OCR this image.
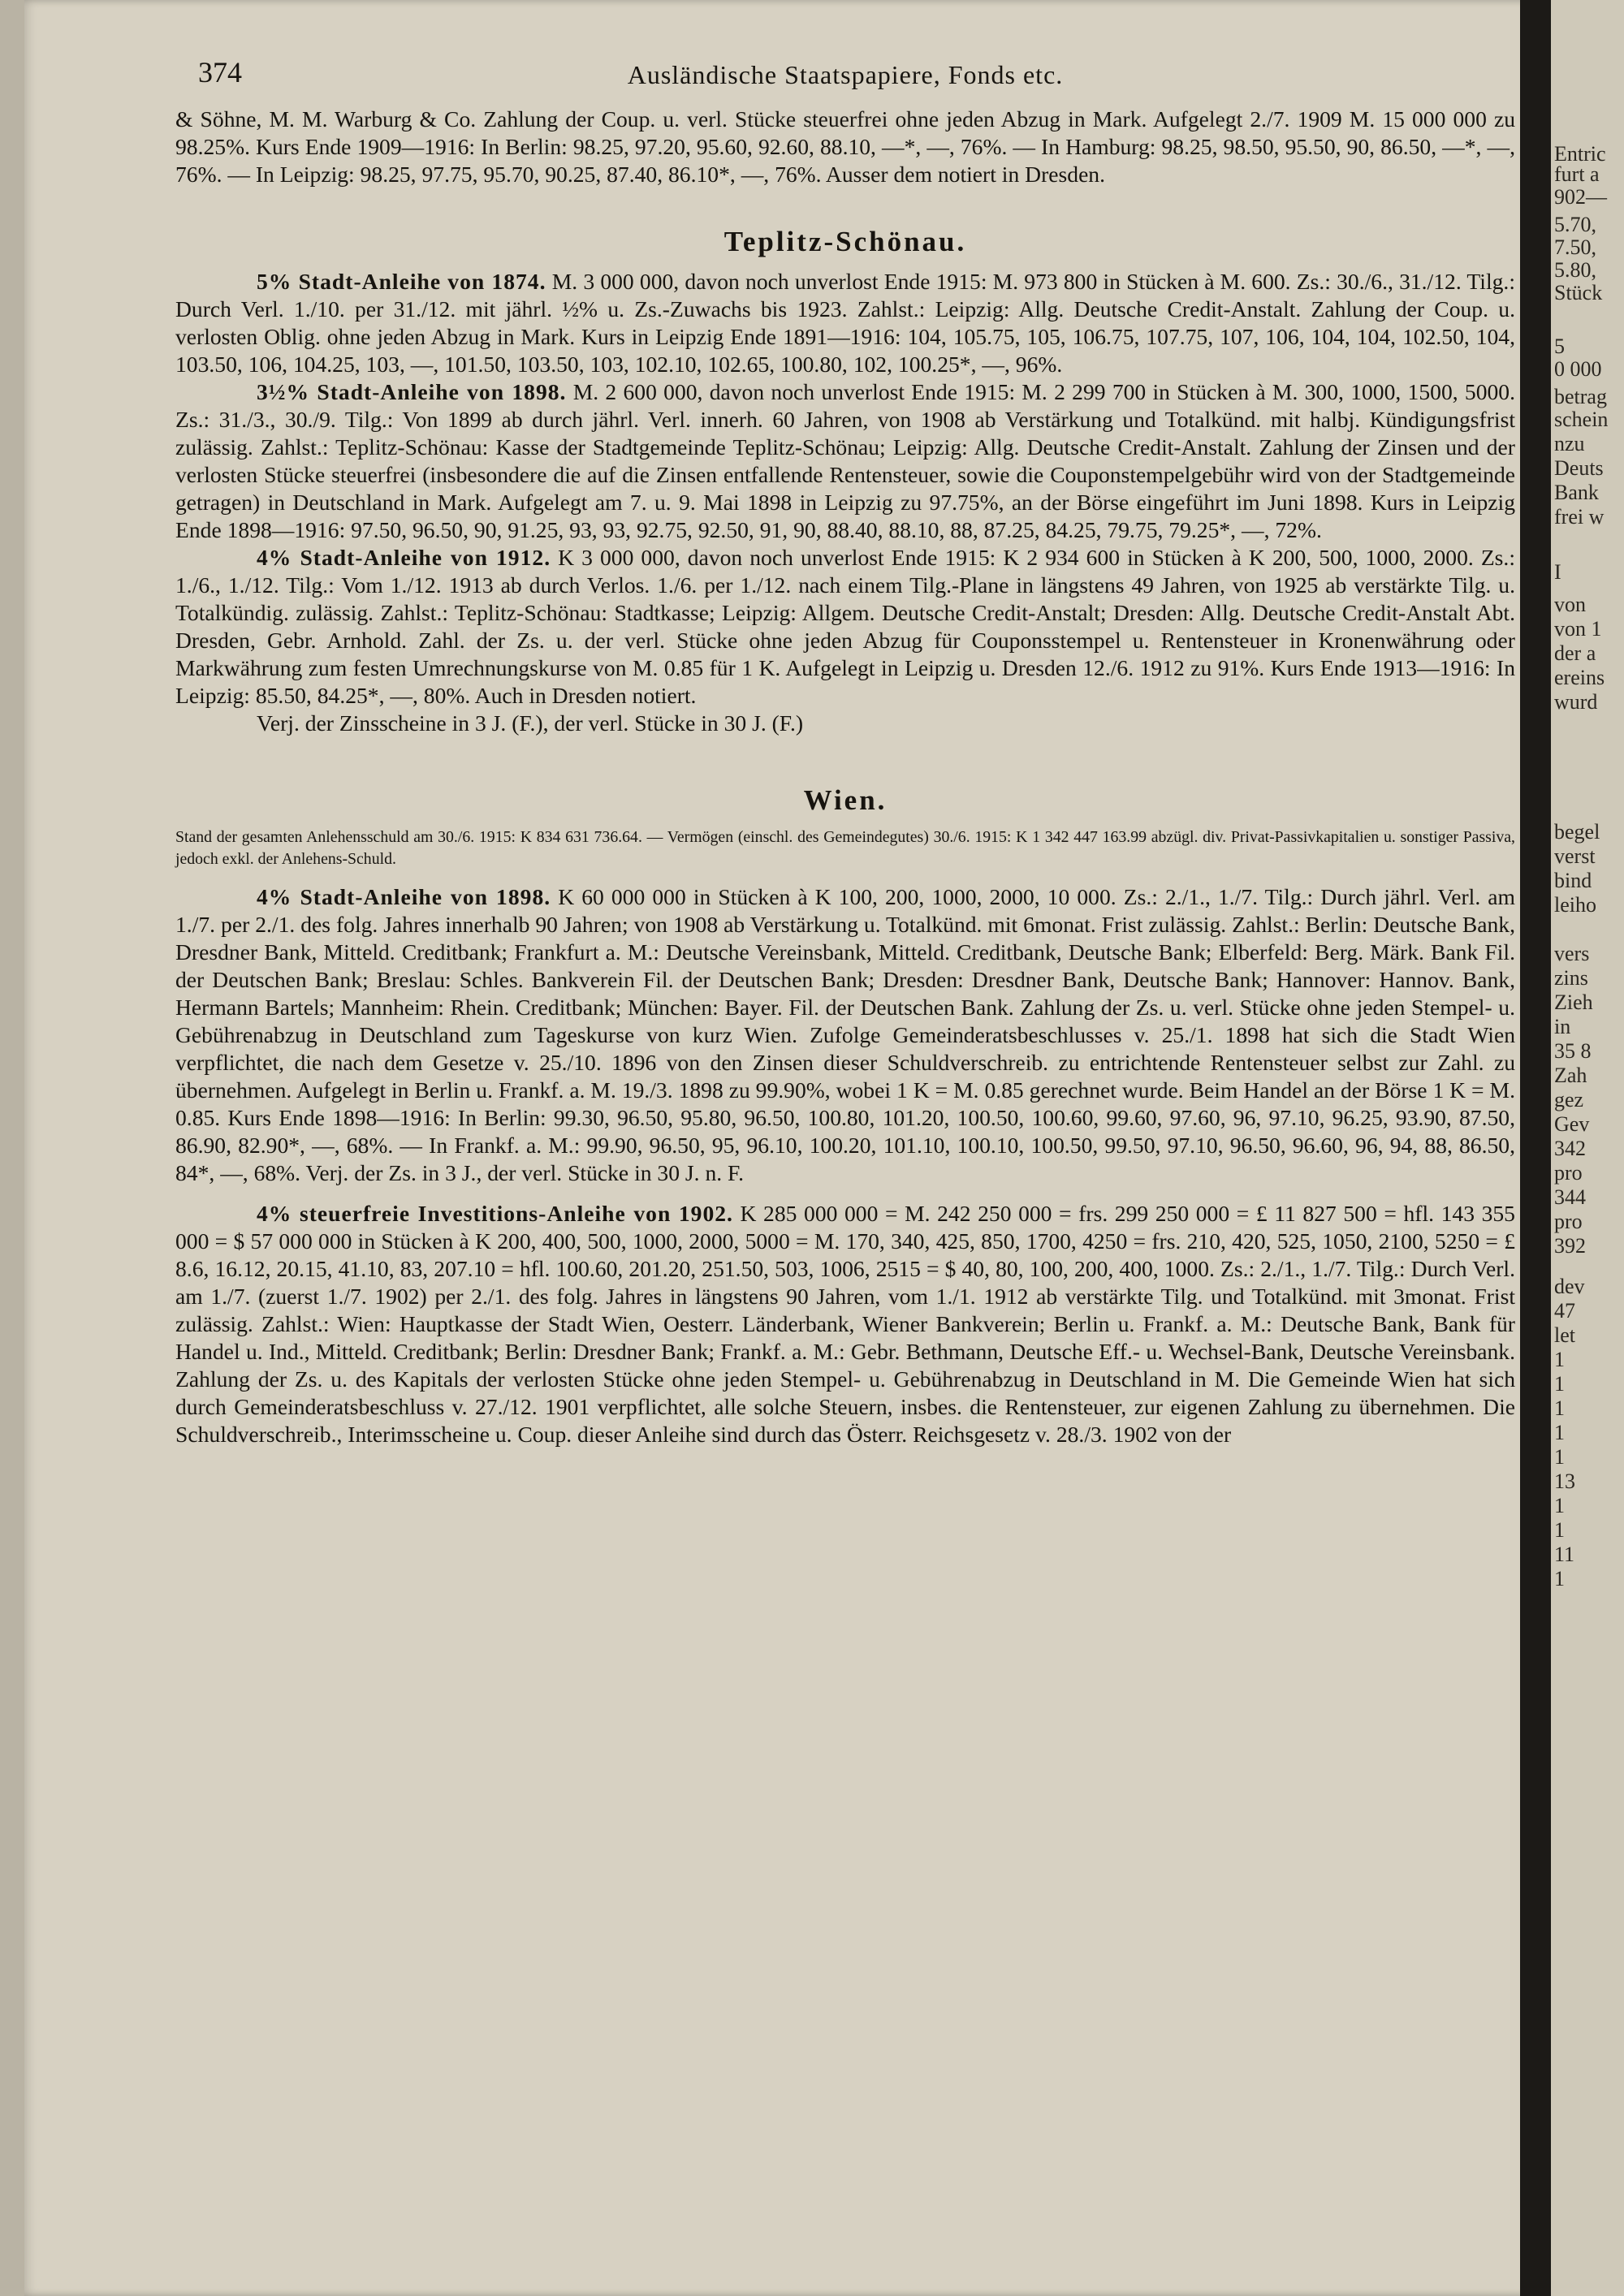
374	Ausländische Staatspapiere, Fonds etc.

& Söhne, M. M. Warburg & Co. Zahlung der Coup. u. verl. Stücke steuerfrei ohne jeden Abzug in Mark. Aufgelegt 2./7. 1909 M. 15 000 000 zu 98.25%. Kurs Ende 1909—1916: In Berlin: 98.25, 97.20, 95.60, 92.60, 88.10, —*, —, 76%. — In Hamburg: 98.25, 98.50, 95.50, 90, 86.50, —*, —, 76%. — In Leipzig: 98.25, 97.75, 95.70, 90.25, 87.40, 86.10*, —, 76%. Ausser dem notiert in Dresden.

Teplitz-Schönau.

5% Stadt-Anleihe von 1874. M. 3 000 000, davon noch unverlost Ende 1915: M. 973 800 in Stücken à M. 600. Zs.: 30./6., 31./12. Tilg.: Durch Verl. 1./10. per 31./12. mit jährl. ½% u. Zs.-Zuwachs bis 1923. Zahlst.: Leipzig: Allg. Deutsche Credit-Anstalt. Zahlung der Coup. u. verlosten Oblig. ohne jeden Abzug in Mark. Kurs in Leipzig Ende 1891—1916: 104, 105.75, 105, 106.75, 107.75, 107, 106, 104, 104, 102.50, 104, 103.50, 106, 104.25, 103, —, 101.50, 103.50, 103, 102.10, 102.65, 100.80, 102, 100.25*, —, 96%.

3½% Stadt-Anleihe von 1898. M. 2 600 000, davon noch unverlost Ende 1915: M. 2 299 700 in Stücken à M. 300, 1000, 1500, 5000. Zs.: 31./3., 30./9. Tilg.: Von 1899 ab durch jährl. Verl. innerh. 60 Jahren, von 1908 ab Verstärkung und Totalkünd. mit halbj. Kündigungsfrist zulässig. Zahlst.: Teplitz-Schönau: Kasse der Stadtgemeinde Teplitz-Schönau; Leipzig: Allg. Deutsche Credit-Anstalt. Zahlung der Zinsen und der verlosten Stücke steuerfrei (insbesondere die auf die Zinsen entfallende Rentensteuer, sowie die Couponstempelgebühr wird von der Stadtgemeinde getragen) in Deutschland in Mark. Aufgelegt am 7. u. 9. Mai 1898 in Leipzig zu 97.75%, an der Börse eingeführt im Juni 1898. Kurs in Leipzig Ende 1898—1916: 97.50, 96.50, 90, 91.25, 93, 93, 92.75, 92.50, 91, 90, 88.40, 88.10, 88, 87.25, 84.25, 79.75, 79.25*, —, 72%.

4% Stadt-Anleihe von 1912. K 3 000 000, davon noch unverlost Ende 1915: K 2 934 600 in Stücken à K 200, 500, 1000, 2000. Zs.: 1./6., 1./12. Tilg.: Vom 1./12. 1913 ab durch Verlos. 1./6. per 1./12. nach einem Tilg.-Plane in längstens 49 Jahren, von 1925 ab verstärkte Tilg. u. Totalkündig. zulässig. Zahlst.: Teplitz-Schönau: Stadtkasse; Leipzig: Allgem. Deutsche Credit-Anstalt; Dresden: Allg. Deutsche Credit-Anstalt Abt. Dresden, Gebr. Arnhold. Zahl. der Zs. u. der verl. Stücke ohne jeden Abzug für Couponsstempel u. Rentensteuer in Kronenwährung oder Markwährung zum festen Umrechnungskurse von M. 0.85 für 1 K. Aufgelegt in Leipzig u. Dresden 12./6. 1912 zu 91%. Kurs Ende 1913—1916: In Leipzig: 85.50, 84.25*, —, 80%. Auch in Dresden notiert.

Verj. der Zinsscheine in 3 J. (F.), der verl. Stücke in 30 J. (F.)

Wien.

Stand der gesamten Anlehensschuld am 30./6. 1915: K 834 631 736.64. — Vermögen (einschl. des Gemeindegutes) 30./6. 1915: K 1 342 447 163.99 abzügl. div. Privat-Passivkapitalien u. sonstiger Passiva, jedoch exkl. der Anlehens-Schuld.

4% Stadt-Anleihe von 1898. K 60 000 000 in Stücken à K 100, 200, 1000, 2000, 10 000. Zs.: 2./1., 1./7. Tilg.: Durch jährl. Verl. am 1./7. per 2./1. des folg. Jahres innerhalb 90 Jahren; von 1908 ab Verstärkung u. Totalkünd. mit 6monat. Frist zulässig. Zahlst.: Berlin: Deutsche Bank, Dresdner Bank, Mitteld. Creditbank; Frankfurt a. M.: Deutsche Vereinsbank, Mitteld. Creditbank, Deutsche Bank; Elberfeld: Berg. Märk. Bank Fil. der Deutschen Bank; Breslau: Schles. Bankverein Fil. der Deutschen Bank; Dresden: Dresdner Bank, Deutsche Bank; Hannover: Hannov. Bank, Hermann Bartels; Mannheim: Rhein. Creditbank; München: Bayer. Fil. der Deutschen Bank. Zahlung der Zs. u. verl. Stücke ohne jeden Stempel- u. Gebührenabzug in Deutschland zum Tageskurse von kurz Wien. Zufolge Gemeinderatsbeschlusses v. 25./1. 1898 hat sich die Stadt Wien verpflichtet, die nach dem Gesetze v. 25./10. 1896 von den Zinsen dieser Schuldverschreib. zu entrichtende Rentensteuer selbst zur Zahl. zu übernehmen. Aufgelegt in Berlin u. Frankf. a. M. 19./3. 1898 zu 99.90%, wobei 1 K = M. 0.85 gerechnet wurde. Beim Handel an der Börse 1 K = M. 0.85. Kurs Ende 1898—1916: In Berlin: 99.30, 96.50, 95.80, 96.50, 100.80, 101.20, 100.50, 100.60, 99.60, 97.60, 96, 97.10, 96.25, 93.90, 87.50, 86.90, 82.90*, —, 68%. — In Frankf. a. M.: 99.90, 96.50, 95, 96.10, 100.20, 101.10, 100.10, 100.50, 99.50, 97.10, 96.50, 96.60, 96, 94, 88, 86.50, 84*, —, 68%. Verj. der Zs. in 3 J., der verl. Stücke in 30 J. n. F.

4% steuerfreie Investitions-Anleihe von 1902. K 285 000 000 = M. 242 250 000 = frs. 299 250 000 = £ 11 827 500 = hfl. 143 355 000 = $ 57 000 000 in Stücken à K 200, 400, 500, 1000, 2000, 5000 = M. 170, 340, 425, 850, 1700, 4250 = frs. 210, 420, 525, 1050, 2100, 5250 = £ 8.6, 16.12, 20.15, 41.10, 83, 207.10 = hfl. 100.60, 201.20, 251.50, 503, 1006, 2515 = $ 40, 80, 100, 200, 400, 1000. Zs.: 2./1., 1./7. Tilg.: Durch Verl. am 1./7. (zuerst 1./7. 1902) per 2./1. des folg. Jahres in längstens 90 Jahren, vom 1./1. 1912 ab verstärkte Tilg. und Totalkünd. mit 3monat. Frist zulässig. Zahlst.: Wien: Hauptkasse der Stadt Wien, Oesterr. Länderbank, Wiener Bankverein; Berlin u. Frankf. a. M.: Deutsche Bank, Bank für Handel u. Ind., Mitteld. Creditbank; Berlin: Dresdner Bank; Frankf. a. M.: Gebr. Bethmann, Deutsche Eff.- u. Wechsel-Bank, Deutsche Vereinsbank. Zahlung der Zs. u. des Kapitals der verlosten Stücke ohne jeden Stempel- u. Gebührenabzug in Deutschland in M. Die Gemeinde Wien hat sich durch Gemeinderatsbeschluss v. 27./12. 1901 verpflichtet, alle solche Steuern, insbes. die Rentensteuer, zur eigenen Zahlung zu übernehmen. Die Schuldverschreib., Interimsscheine u. Coup. dieser Anleihe sind durch das Österr. Reichsgesetz v. 28./3. 1902 von der

Entric
furt a
902—
5.70,
7.50,
5.80,
Stück
5
0 000
betrag
schein
nzu
Deuts
Bank
frei w
I
von
von 1
der a
ereins
wurd
begel
verst
bind
leiho
vers
zins
Zieh
in
35 8
Zah
gez
Gev
342
pro
344
pro
392
dev
47
let
1
1
1
1
1
13
1
1
11
1
